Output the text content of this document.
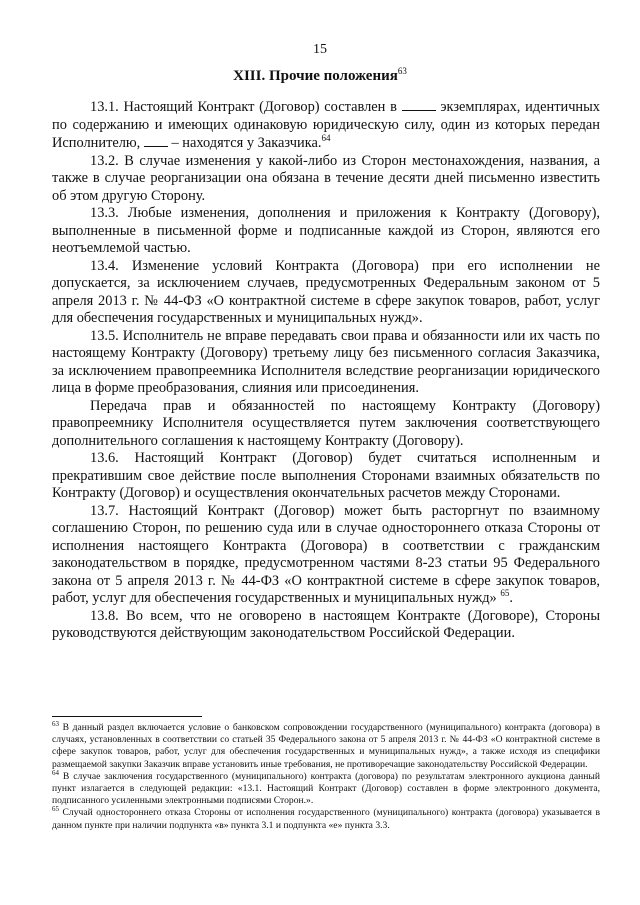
15
XIII. Прочие положения$^{63}$

13.1. Настоящий Контракт (Договор) составлен в	экземплярах, идентичных по содержанию и имеющих одинаковую юридическую силу, один из которых передан Исполнителю, – находятся у Заказчика.$^{64}$

13.2. В случае изменения у какой-либо из Сторон местонахождения, названия, а также в случае реорганизации она обязана в течение десяти дней письменно известить об этом другую Сторону.

13.3. Любые изменения, дополнения и приложения к Контракту (Договору), выполненные в письменной форме и подписанные каждой из Сторон, являются его неотъемлемой частью.

13.4. Изменение условий Контракта (Договора) при его исполнении не допускается, за исключением случаев, предусмотренных Федеральным законом от 5 апреля 2013 г. № 44-ФЗ «О контрактной системе в сфере закупок товаров, работ, услуг для обеспечения государственных и муниципальных нужд».

13.5. Исполнитель не вправе передавать свои права и обязанности или их часть по настоящему Контракту (Договору) третьему лицу без письменного согласия Заказчика, за исключением правопреемника Исполнителя вследствие реорганизации юридического лица в форме преобразования, слияния или присоединения.

Передача прав и обязанностей по настоящему Контракту (Договору) правопреемнику Исполнителя осуществляется путем заключения соответствующего дополнительного соглашения к настоящему Контракту (Договору).

13.6. Настоящий Контракт (Договор) будет считаться исполненным и прекратившим свое действие после выполнения Сторонами взаимных обязательств по Контракту (Договор) и осуществления окончательных расчетов между Сторонами.

13.7. Настоящий Контракт (Договор) может быть расторгнут по взаимному соглашению Сторон, по решению суда или в случае одностороннего отказа Стороны от исполнения настоящего Контракта (Договора) в соответствии с гражданским законодательством в порядке, предусмотренном частями 8-23 статьи 95 Федерального закона от 5 апреля 2013 г. № 44-ФЗ «О контрактной системе в сфере закупок товаров, работ, услуг для обеспечения государственных и муниципальных нужд» $^{65}$.

13.8. Во всем, что не оговорено в настоящем Контракте (Договоре), Стороны руководствуются действующим законодательством Российской Федерации.

$^{63}$ В данный раздел включается условие о банковском сопровождении государственного (муниципального) контракта (договора) в случаях, установленных в соответствии со статьей 35 Федерального закона от 5 апреля 2013 г. № 44-ФЗ «О контрактной системе в сфере закупок товаров, работ, услуг для обеспечения государственных и муниципальных нужд», а также исходя из специфики размещаемой закупки Заказчик вправе установить иные требования, не противоречащие законодательству Российской Федерации.

$^{64}$ В случае заключения государственного (муниципального) контракта (договора) по результатам электронного аукциона данный пункт излагается в следующей редакции: «13.1. Настоящий Контракт (Договор) составлен в форме электронного документа, подписанного усиленными электронными подписями Сторон.».

$^{65}$ Случай одностороннего отказа Стороны от исполнения государственного (муниципального) контракта (договора) указывается в данном пункте при наличии подпункта «в» пункта 3.1 и подпункта «е» пункта 3.3.
